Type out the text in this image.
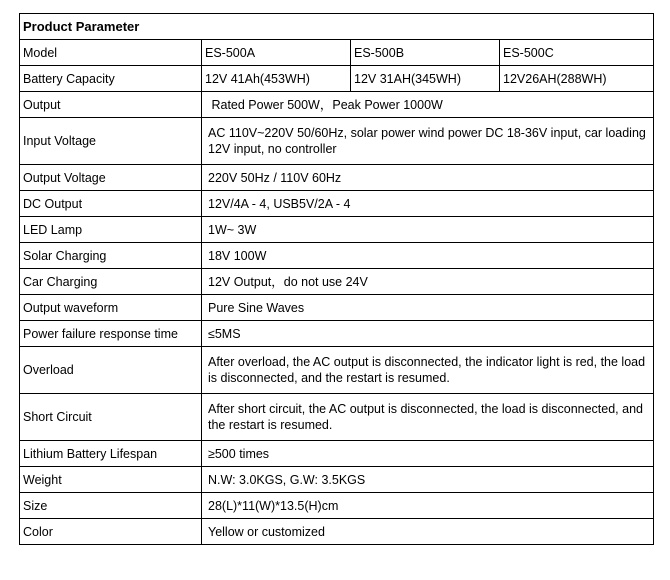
Product Parameter			
Model	ES-500A	ES-500B	ES-500C
Battery Capacity	12V 41Ah(453WH)	12V 31AH(345WH)	12V26AH(288WH)
Output	Rated Power 500W，Peak Power 1000W		
Input Voltage	AC 110V~220V 50/60Hz, solar power wind power DC 18-36V input, car loading 12V input, no controller		
Output Voltage	220V 50Hz / 110V 60Hz		
DC Output	12V/4A - 4, USB5V/2A - 4		
LED Lamp	1W~ 3W		
Solar Charging	18V 100W		
Car Charging	12V Output，do not use 24V		
Output waveform	Pure Sine Waves		
Power failure response time	≤5MS		
Overload	After overload, the AC output is disconnected, the indicator light is red, the load is disconnected, and the restart is resumed.		
Short Circuit	After short circuit, the AC output is disconnected, the load is disconnected, and the restart is resumed.		
Lithium Battery Lifespan	≥500 times		
Weight	N.W: 3.0KGS, G.W: 3.5KGS		
Size	28(L)*11(W)*13.5(H)cm		
Color	Yellow or customized		
